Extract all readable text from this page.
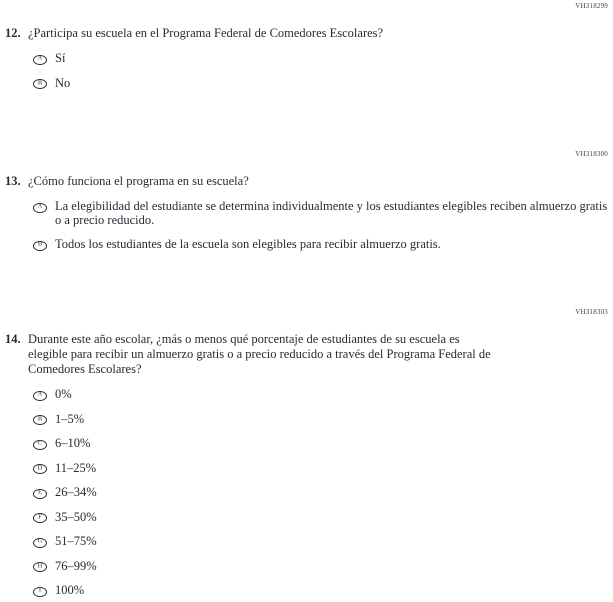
VH318299
12. ¿Participa su escuela en el Programa Federal de Comedores Escolares?
A Sí
B No
VH318300
13. ¿Cómo funciona el programa en su escuela?
A La elegibilidad del estudiante se determina individualmente y los estudiantes elegibles reciben almuerzo gratis o a precio reducido.
B Todos los estudiantes de la escuela son elegibles para recibir almuerzo gratis.
VH318303
14. Durante este año escolar, ¿más o menos qué porcentaje de estudiantes de su escuela es elegible para recibir un almuerzo gratis o a precio reducido a través del Programa Federal de Comedores Escolares?
A 0%
B 1–5%
C 6–10%
D 11–25%
E 26–34%
F 35–50%
G 51–75%
H 76–99%
I 100%
